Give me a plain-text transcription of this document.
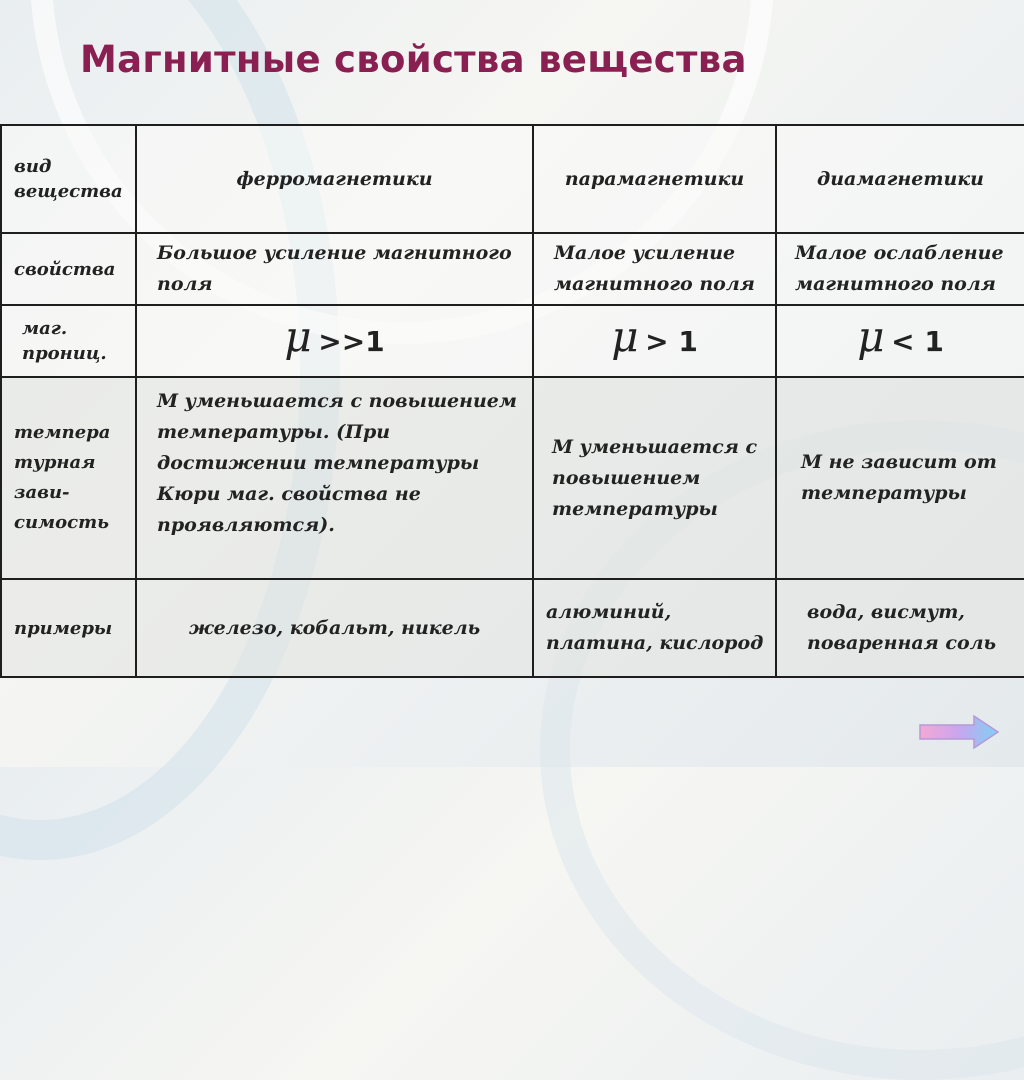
Магнитные свойства вещества
вид
вещества	ферромагнетики	парамагнетики	диамагнетики
свойства	Большое усиление магнитного поля	Малое усиление магнитного поля	Малое ослабление магнитного поля
маг.
прониц.	μ >>1	μ > 1	μ < 1
темпера
турная
зави-
симость	М уменьшается с повышением температуры. (При достижении температуры Кюри маг. свойства не проявляются).	М уменьшается с повышением температуры	М не зависит от температуры
примеры	железо, кобальт, никель	алюминий, платина, кислород	вода, висмут, поваренная соль
